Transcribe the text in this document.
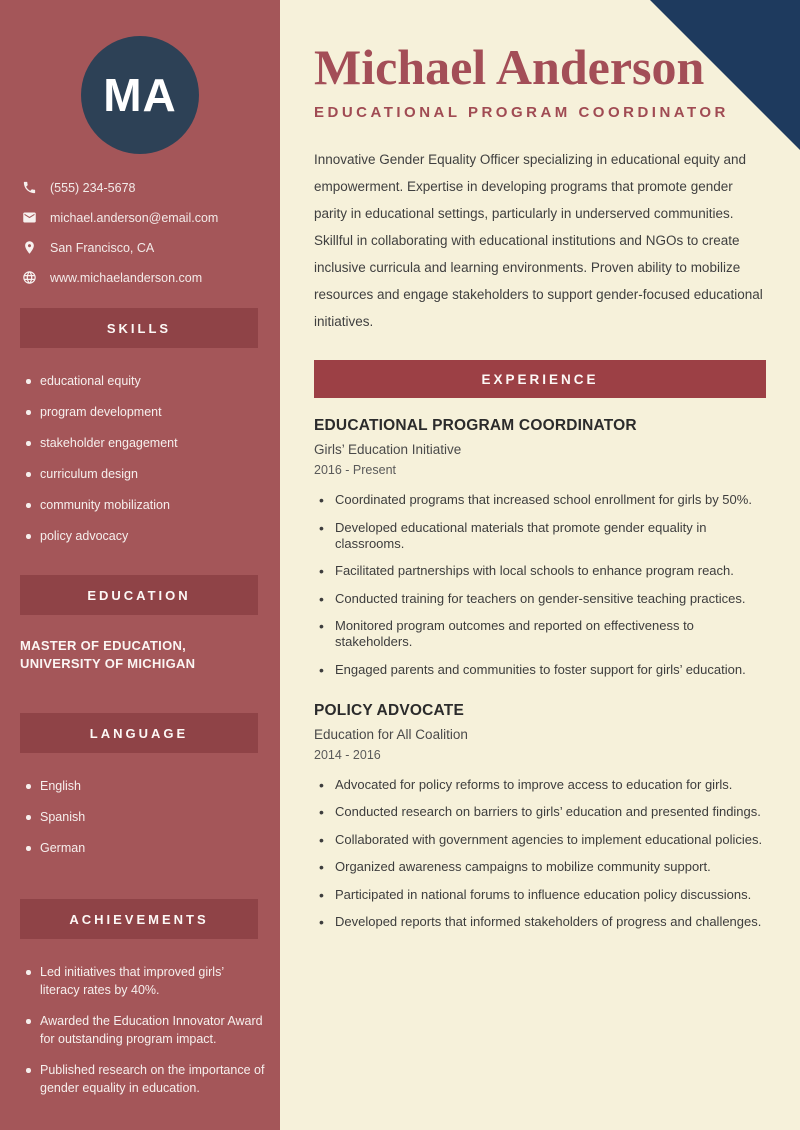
MA
(555) 234-5678
michael.anderson@email.com
San Francisco, CA
www.michaelanderson.com
SKILLS
educational equity
program development
stakeholder engagement
curriculum design
community mobilization
policy advocacy
EDUCATION
MASTER OF EDUCATION, UNIVERSITY OF MICHIGAN
LANGUAGE
English
Spanish
German
ACHIEVEMENTS
Led initiatives that improved girls’ literacy rates by 40%.
Awarded the Education Innovator Award for outstanding program impact.
Published research on the importance of gender equality in education.
Michael Anderson
EDUCATIONAL PROGRAM COORDINATOR

Innovative Gender Equality Officer specializing in educational equity and empowerment. Expertise in developing programs that promote gender parity in educational settings, particularly in underserved communities. Skillful in collaborating with educational institutions and NGOs to create inclusive curricula and learning environments. Proven ability to mobilize resources and engage stakeholders to support gender-focused educational initiatives.

EXPERIENCE
EDUCATIONAL PROGRAM COORDINATOR
Girls’ Education Initiative
2016 - Present
• Coordinated programs that increased school enrollment for girls by 50%.
• Developed educational materials that promote gender equality in classrooms.
• Facilitated partnerships with local schools to enhance program reach.
• Conducted training for teachers on gender-sensitive teaching practices.
• Monitored program outcomes and reported on effectiveness to stakeholders.
• Engaged parents and communities to foster support for girls’ education.
POLICY ADVOCATE
Education for All Coalition
2014 - 2016
• Advocated for policy reforms to improve access to education for girls.
• Conducted research on barriers to girls’ education and presented findings.
• Collaborated with government agencies to implement educational policies.
• Organized awareness campaigns to mobilize community support.
• Participated in national forums to influence education policy discussions.
• Developed reports that informed stakeholders of progress and challenges.
